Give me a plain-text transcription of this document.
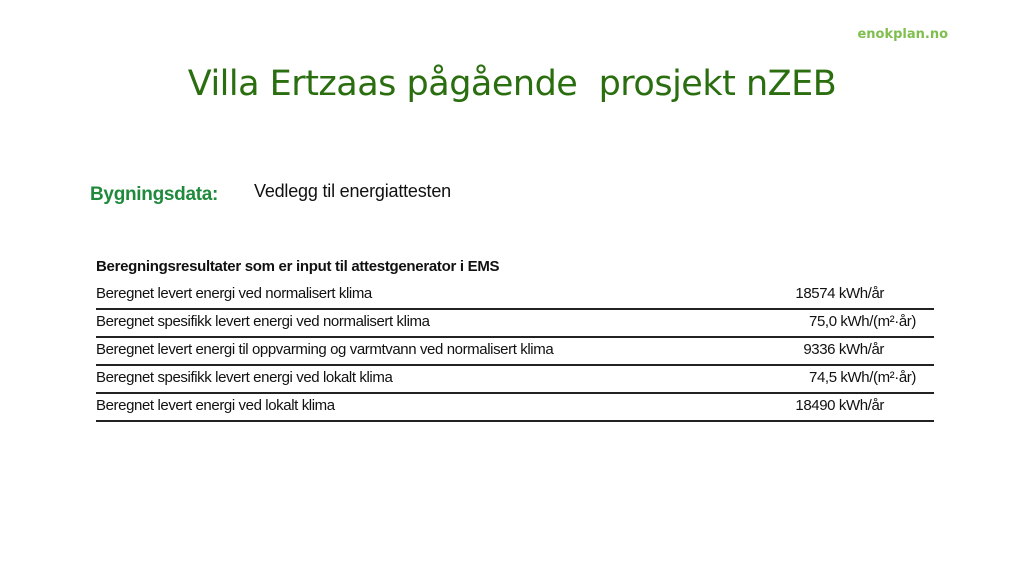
enokplan.no
Villa Ertzaas pågående  prosjekt nZEB
Bygningsdata: Vedlegg til energiattesten
Beregningsresultater som er input til attestgenerator i EMS
Beregnet levert energi ved normalisert klima	18574 kWh/år
Beregnet spesifikk levert energi ved normalisert klima	75,0 kWh/(m²·år)
Beregnet levert energi til oppvarming og varmtvann ved normalisert klima	9336 kWh/år
Beregnet spesifikk levert energi ved lokalt klima	74,5 kWh/(m²·år)
Beregnet levert energi ved lokalt klima	18490 kWh/år
